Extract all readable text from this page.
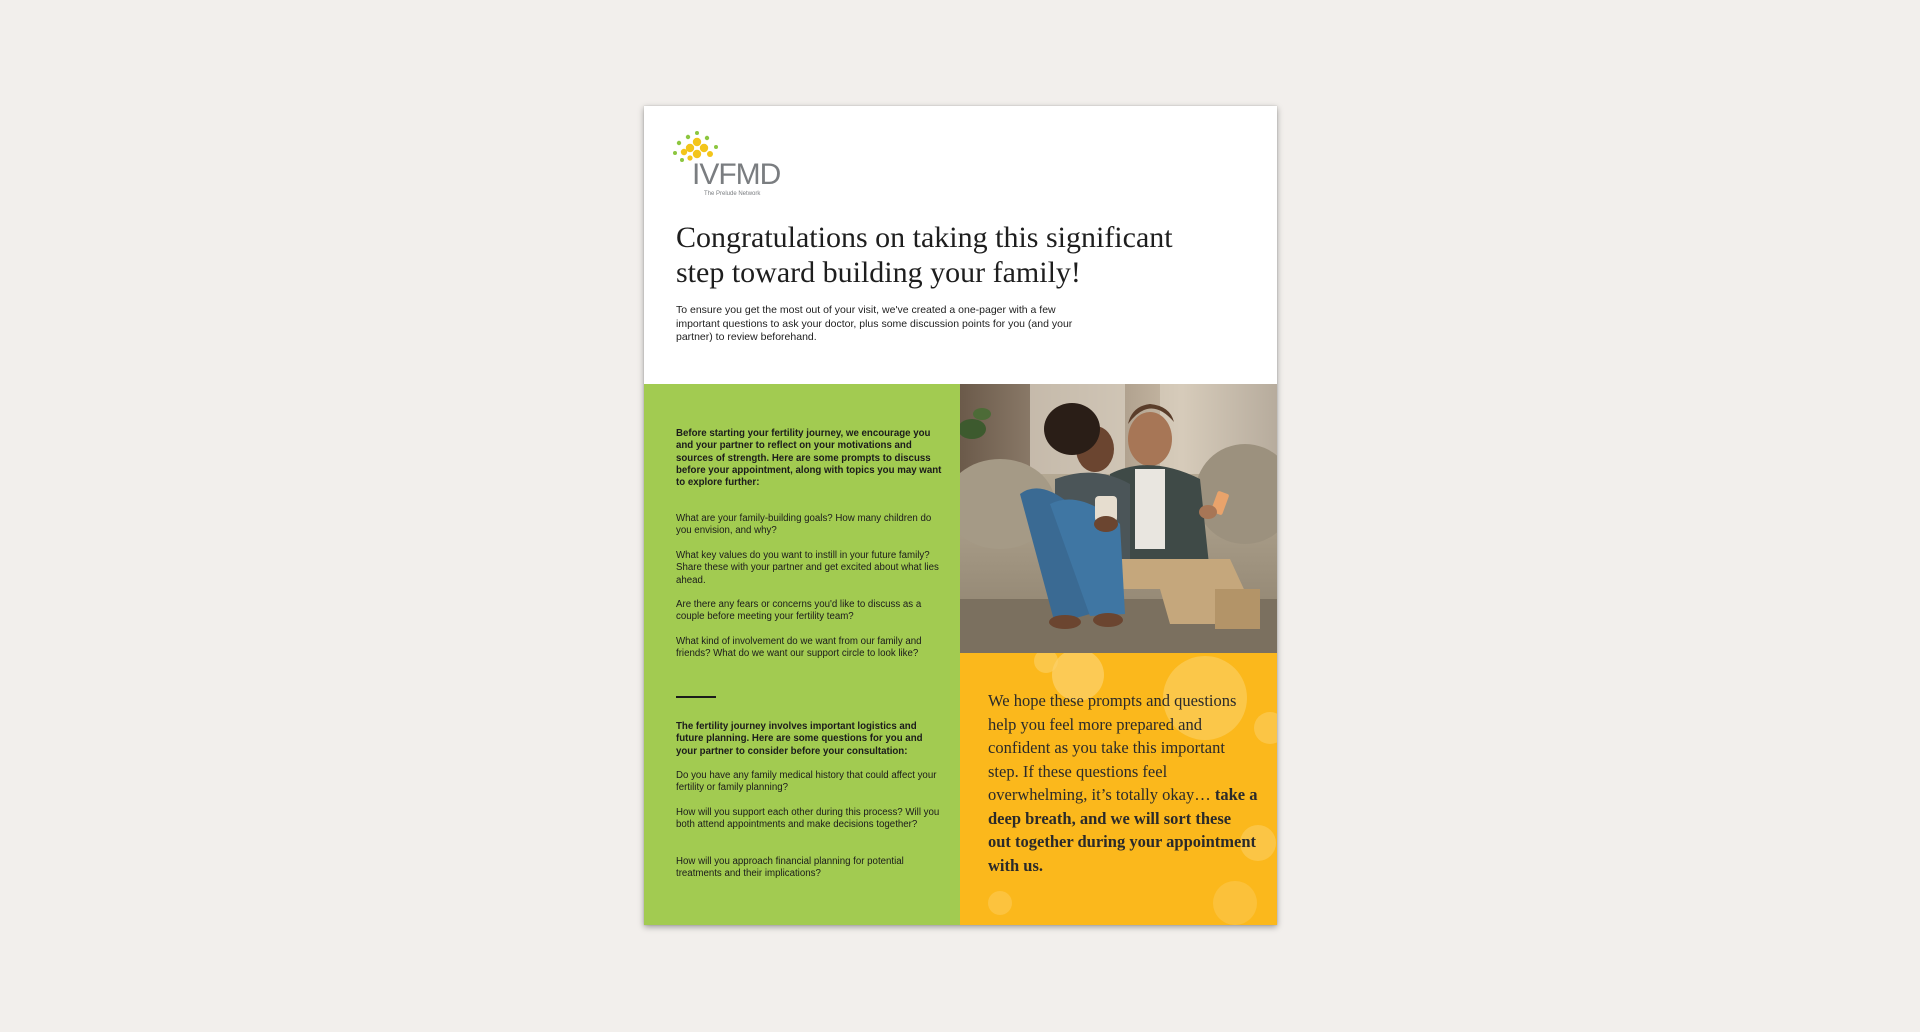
IVFMD
The Prelude Network
Congratulations on taking this significant step toward building your family!

To ensure you get the most out of your visit, we've created a one-pager with a few important questions to ask your doctor, plus some discussion points for you (and your partner) to review beforehand.

Before starting your fertility journey, we encourage you and your partner to reflect on your motivations and sources of strength. Here are some prompts to discuss before your appointment, along with topics you may want to explore further:

What are your family-building goals? How many children do you envision, and why?

What key values do you want to instill in your future family? Share these with your partner and get excited about what lies ahead.

Are there any fears or concerns you'd like to discuss as a couple before meeting your fertility team?

What kind of involvement do we want from our family and friends? What do we want our support circle to look like?

The fertility journey involves important logistics and future planning. Here are some questions for you and your partner to consider before your consultation:

Do you have any family medical history that could affect your fertility or family planning?

How will you support each other during this process? Will you both attend appointments and make decisions together?

How will you approach financial planning for potential treatments and their implications?

We hope these prompts and questions help you feel more prepared and confident as you take this important step. If these questions feel overwhelming, it’s totally okay… take a deep breath, and we will sort these out together during your appointment with us.
